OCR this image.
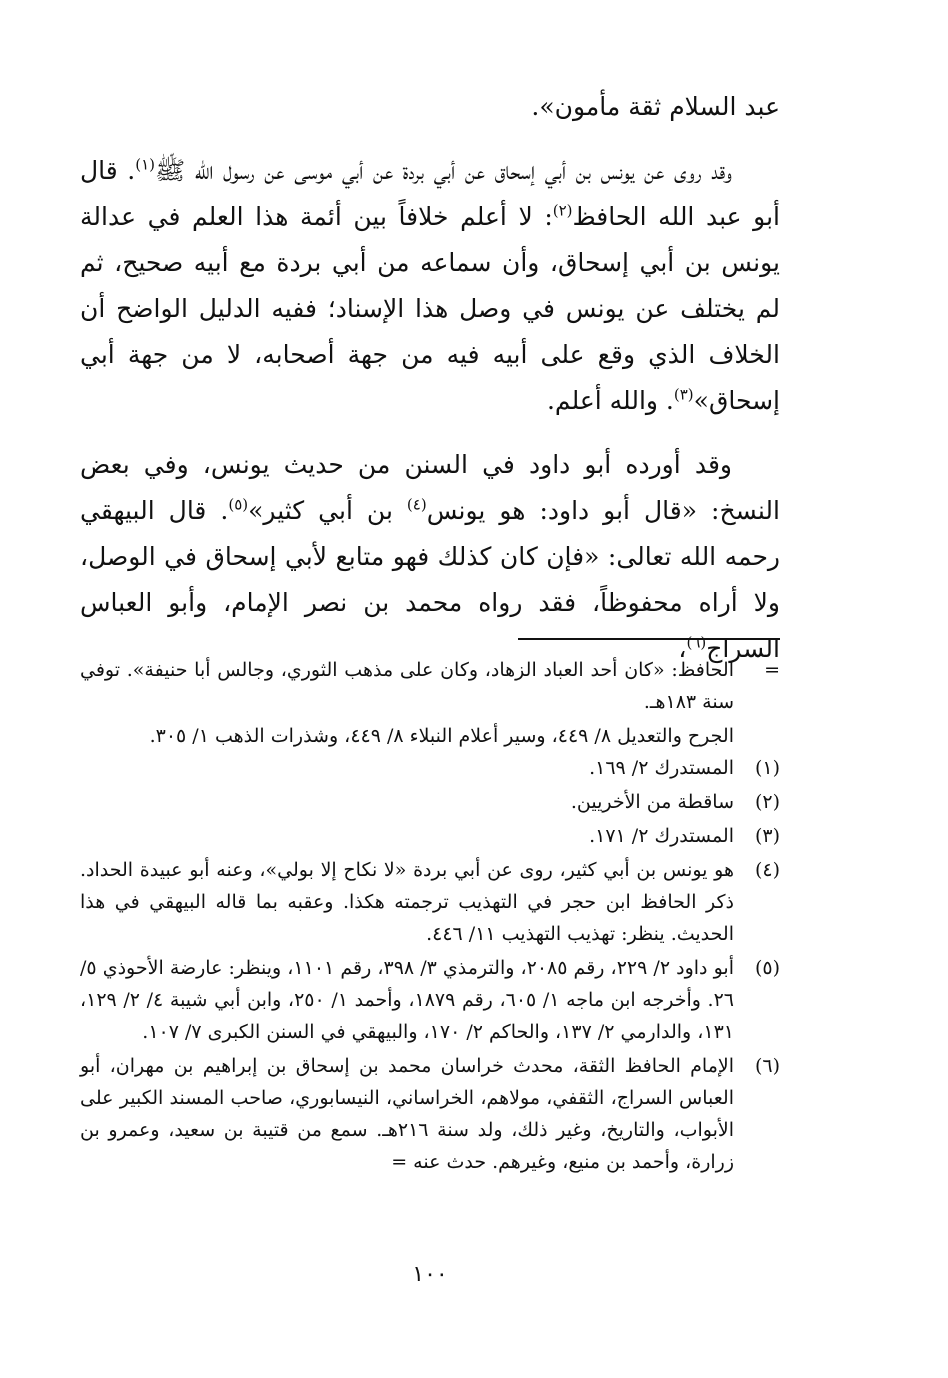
عبد السلام ثقة مأمون».

وقد روى عن يونس بن أبي إسحاق عن أبي بردة عن أبي موسى عن رسول الله ﷺ$^{(١)}$. قال أبو عبد الله الحافظ$^{(٢)}$: لا أعلم خلافاً بين أئمة هذا العلم في عدالة يونس بن أبي إسحاق، وأن سماعه من أبي بردة مع أبيه صحيح، ثم لم يختلف عن يونس في وصل هذا الإسناد؛ ففيه الدليل الواضح أن الخلاف الذي وقع على أبيه فيه من جهة أصحابه، لا من جهة أبي إسحاق»$^{(٣)}$. والله أعلم.

وقد أورده أبو داود في السنن من حديث يونس، وفي بعض النسخ: «قال أبو داود: هو يونس$^{(٤)}$ بن أبي كثير»$^{(٥)}$. قال البيهقي رحمه الله تعالى: «فإن كان كذلك فهو متابع لأبي إسحاق في الوصل، ولا أراه محفوظاً، فقد رواه محمد بن نصر الإمام، وأبو العباس السراج$^{(٦)}$،

=
الحافظ: «كان أحد العباد الزهاد، وكان على مذهب الثوري، وجالس أبا حنيفة». توفي سنة ١٨٣هـ.
الجرح والتعديل ٨/ ٤٤٩، وسير أعلام النبلاء ٨/ ٤٤٩، وشذرات الذهب ١/ ٣٠٥.
(١)
المستدرك ٢/ ١٦٩.
(٢)
ساقطة من الأخريين.
(٣)
المستدرك ٢/ ١٧١.
(٤)
هو يونس بن أبي كثير، روى عن أبي بردة «لا نكاح إلا بولي»، وعنه أبو عبيدة الحداد. ذكر الحافظ ابن حجر في التهذيب ترجمته هكذا. وعقبه بما قاله البيهقي في هذا الحديث. ينظر: تهذيب التهذيب ١١/ ٤٤٦.
(٥)
أبو داود ٢/ ٢٢٩، رقم ٢٠٨٥، والترمذي ٣/ ٣٩٨، رقم ١١٠١، وينظر: عارضة الأحوذي ٥/ ٢٦. وأخرجه ابن ماجه ١/ ٦٠٥، رقم ١٨٧٩، وأحمد ١/ ٢٥٠، وابن أبي شيبة ٤/ ٢/ ١٢٩، ١٣١، والدارمي ٢/ ١٣٧، والحاكم ٢/ ١٧٠، والبيهقي في السنن الكبرى ٧/ ١٠٧.
(٦)
الإمام الحافظ الثقة، محدث خراسان محمد بن إسحاق بن إبراهيم بن مهران، أبو العباس السراج، الثقفي، مولاهم، الخراساني، النيسابوري، صاحب المسند الكبير على الأبواب، والتاريخ، وغير ذلك، ولد سنة ٢١٦هـ. سمع من قتيبة بن سعيد، وعمرو بن زرارة، وأحمد بن منيع، وغيرهم. حدث عنه =
١٠٠
